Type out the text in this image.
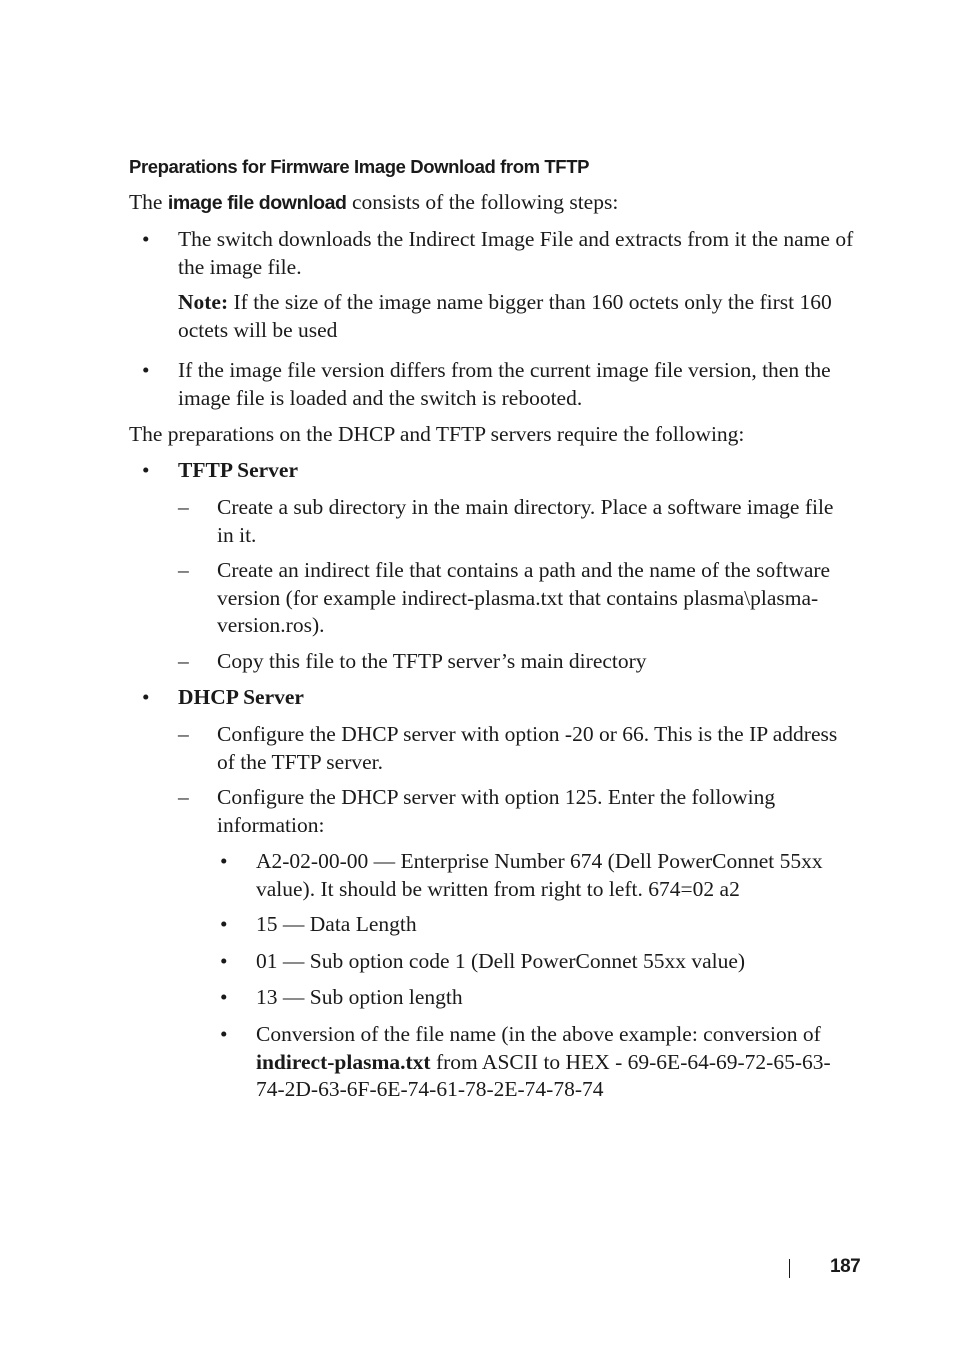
Preparations for Firmware Image Download from TFTP

The image file download consists of the following steps:

• The switch downloads the Indirect Image File and extracts from it the name of the image file.

Note: If the size of the image name bigger than 160 octets only the first 160 octets will be used

• If the image file version differs from the current image file version, then the image file is loaded and the switch is rebooted.

The preparations on the DHCP and TFTP servers require the following:

• TFTP Server

– Create a sub directory in the main directory. Place a software image file in it.

– Create an indirect file that contains a path and the name of the software version (for example indirect-plasma.txt that contains plasma\plasma-version.ros).

– Copy this file to the TFTP server’s main directory

• DHCP Server

– Configure the DHCP server with option -20 or 66. This is the IP address of the TFTP server.

– Configure the DHCP server with option 125. Enter the following information:

• A2-02-00-00 — Enterprise Number 674 (Dell PowerConnet 55xx value). It should be written from right to left. 674=02 a2

• 15 — Data Length

• 01 — Sub option code 1 (Dell PowerConnet 55xx value)

• 13 — Sub option length

• Conversion of the file name (in the above example: conversion of indirect-plasma.txt from ASCII to HEX - 69-6E-64-69-72-65-63-74-2D-63-6F-6E-74-61-78-2E-74-78-74

187
